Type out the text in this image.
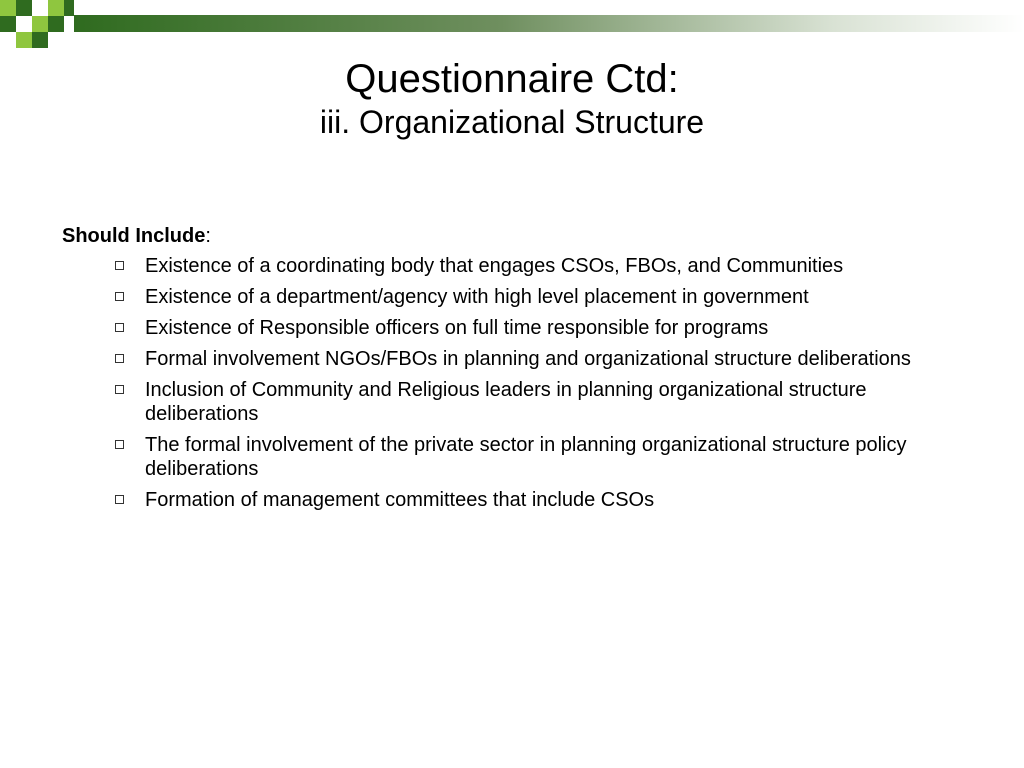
Questionnaire Ctd:
iii. Organizational Structure

Should Include:

Existence of a coordinating body that engages CSOs, FBOs, and Communities
Existence of a department/agency with high level placement in government
Existence of Responsible officers on full time responsible for programs
Formal involvement NGOs/FBOs in planning and organizational structure deliberations
Inclusion of Community and Religious leaders in planning organizational structure deliberations
The formal involvement of the private sector in planning organizational structure policy deliberations
Formation of management committees that include CSOs
